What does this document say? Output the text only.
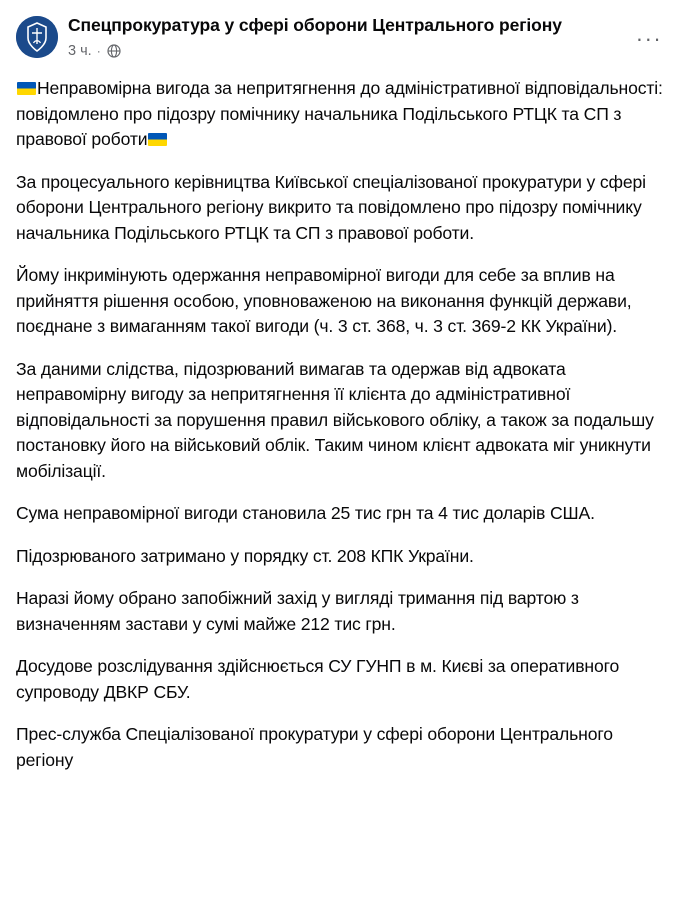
Спецпрокуратура у сфері оборони Центрального регіону
3 ч. ·	···

Неправомірна вигода за непритягнення до адміністративної відповідальності: повідомлено про підозру помічнику начальника Подільського РТЦК та СП з правової роботи

За процесуального керівництва Київської спеціалізованої прокуратури у сфері оборони Центрального регіону викрито та повідомлено про підозру помічнику начальника Подільського РТЦК та СП з правової роботи.

Йому інкримінують одержання неправомірної вигоди для себе за вплив на прийняття рішення особою, уповноваженою на виконання функцій держави, поєднане з вимаганням такої вигоди (ч. 3 ст. 368, ч. 3 ст. 369-2 КК України).

За даними слідства, підозрюваний вимагав та одержав від адвоката неправомірну вигоду за непритягнення її клієнта до адміністративної відповідальності за порушення правил військового обліку, а також за подальшу постановку його на військовий облік. Таким чином клієнт адвоката міг уникнути мобілізації.

Сума неправомірної вигоди становила 25 тис грн та 4 тис доларів США.

Підозрюваного затримано у порядку ст. 208 КПК України.

Наразі йому обрано запобіжний захід у вигляді тримання під вартою з визначенням застави у сумі майже 212 тис грн.

Досудове розслідування здійснюється СУ ГУНП в м. Києві за оперативного супроводу ДВКР СБУ.

Прес-служба Спеціалізованої прокуратури у сфері оборони Центрального регіону
